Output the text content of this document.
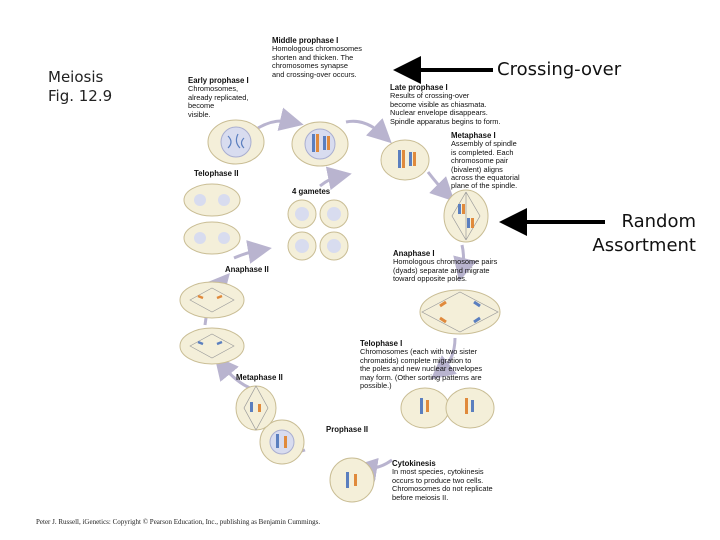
Meiosis
Fig. 12.9
Crossing-over
Random
Assortment
Early prophase I
Chromosomes,
already replicated,
become
visible.
Middle prophase I
Homologous chromosomes
shorten and thicken. The
chromosomes synapse
and crossing-over occurs.
Late prophase I
Results of crossing-over
become visible as chiasmata.
Nuclear envelope disappears.
Spindle apparatus begins to form.
Metaphase I
Assembly of spindle
is completed. Each
chromosome pair
(bivalent) aligns
across the equatorial
plane of the spindle.
Anaphase I
Homologous chromosome pairs
(dyads) separate and migrate
toward opposite poles.
Telophase I
Chromosomes (each with two sister
chromatids) complete migration to
the poles and new nuclear envelopes
may form. (Other sorting patterns are
possible.)
Cytokinesis
In most species, cytokinesis
occurs to produce two cells.
Chromosomes do not replicate
before meiosis II.
Prophase II
Metaphase II
Anaphase II
Telophase II
4 gametes
Peter J. Russell, iGenetics: Copyright © Pearson Education, Inc., publishing as Benjamin Cummings.
